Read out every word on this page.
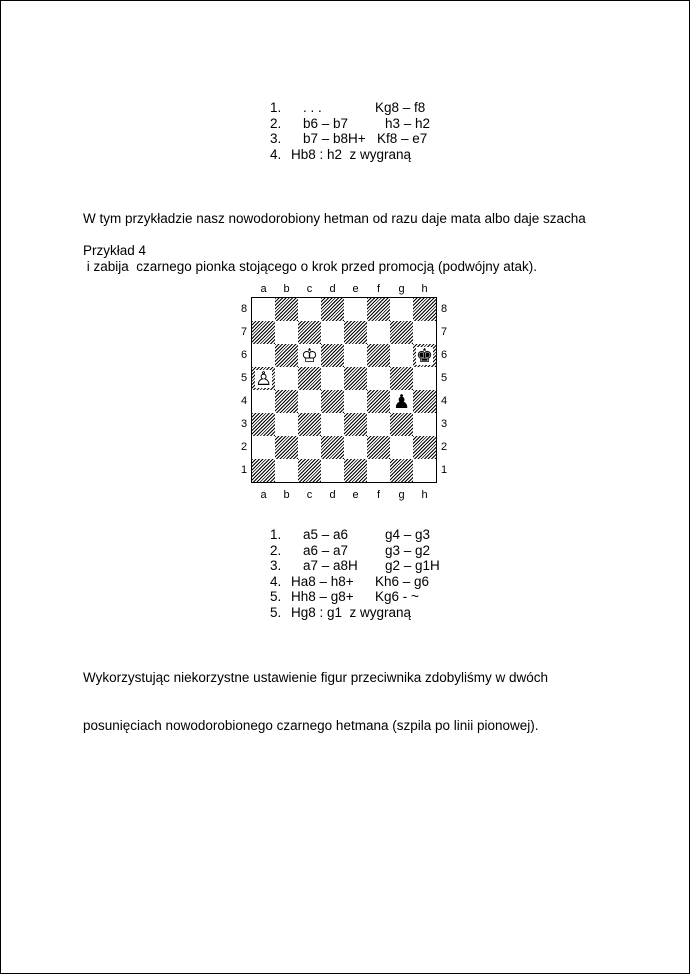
1.

. . .

	Kg8 – f8

2.

b6 – b7

	h3 – h2

3.

b7 – b8H+

Kf8 – e7

4.

Hb8 : h2  z wygraną

W tym przykładzie nasz nowodorobiony hetman od razu daje mata albo daje szacha

i zabija  czarnego pionka stojącego o krok przed promocją (podwójny atak).

Przykład 4
a
a
b
b
c
c
d
d
e
e
f
f
g
g
h
h
8	8
7	7
6	6
5	5
4	4
3	3
2	2
1	1
♔	♚
♙
♟

1.

a5 – a6

	g4 – g3

2.

a6 – a7

	g3 – g2

3.

a7 – a8H

g2 – g1H

4.

Ha8 – h8+

Kh6 – g6

5.

Hh8 – g8+

Kg6 - ~

5.

Hg8 : g1  z wygraną

Wykorzystując niekorzystne ustawienie figur przeciwnika zdobyliśmy w dwóch

posunięciach nowodorobionego czarnego hetmana (szpila po linii pionowej).
